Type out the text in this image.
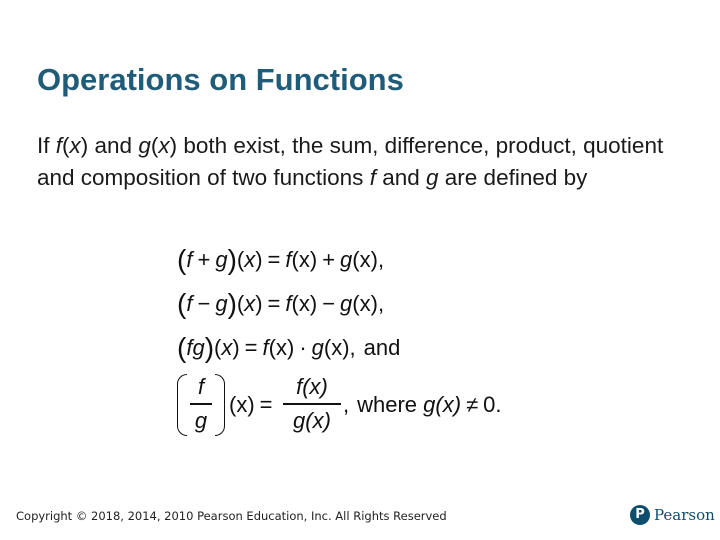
Operations on Functions
If f(x) and g(x) both exist, the sum, difference, product, quotient and composition of two functions f and g are defined by
(f + g)(x) = f(x) + g(x),
(f − g)(x) = f(x) − g(x),
(fg)(x) = f(x) · g(x), and
f
g
(x) =
f(x)
g(x)
, where g(x) ≠ 0.
Copyright © 2018, 2014, 2010 Pearson Education, Inc. All Rights Reserved	P Pearson
